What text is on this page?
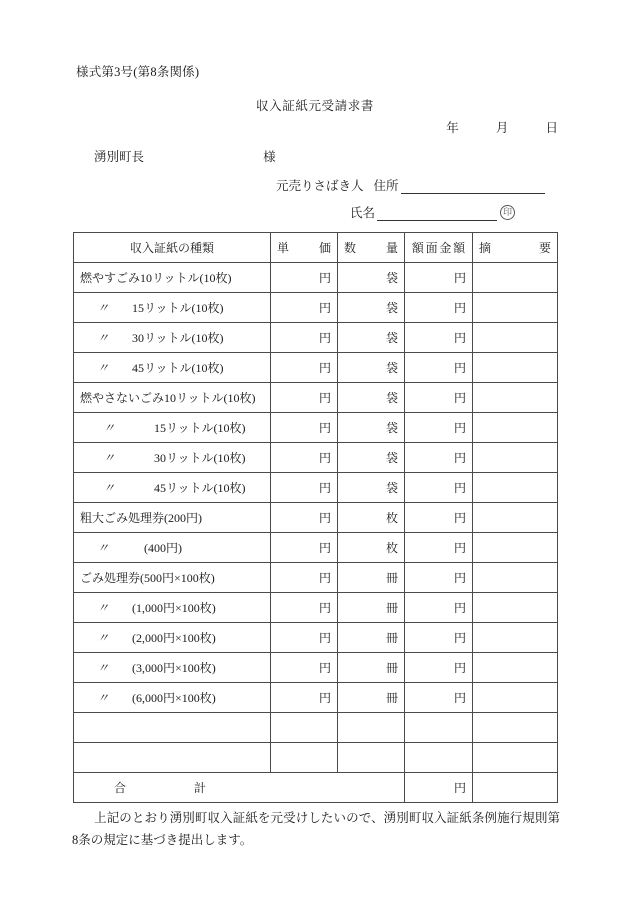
様式第3号(第8条関係)
収入証紙元受請求書
年	月	日
湧別町長	様
元売りさばき人 住所
氏名	印
収入証紙の種類	単 価	数 量	額 面 金 額	摘 要

燃やすごみ10リットル(10枚)	円	袋	円	

〃 15リットル(10枚)	円	袋	円	

〃 30リットル(10枚)	円	袋	円	

〃 45リットル(10枚)	円	袋	円	

燃やさないごみ10リットル(10枚)	円	袋	円	

〃 15リットル(10枚)	円	袋	円	

〃 30リットル(10枚)	円	袋	円	

〃 45リットル(10枚)	円	袋	円	

粗大ごみ処理券(200円)	円	枚	円	

〃 (400円)	円	枚	円	

ごみ処理券(500円×100枚)	円	冊	円	

〃 (1,000円×100枚)	円	冊	円	

〃 (2,000円×100枚)	円	冊	円	

〃 (3,000円×100枚)	円	冊	円	

〃 (6,000円×100枚)	円	冊	円	

合 計			円	
上記のとおり湧別町収入証紙を元受けしたいので、湧別町収入証紙条例施行規則第8条の規定に基づき提出します。
